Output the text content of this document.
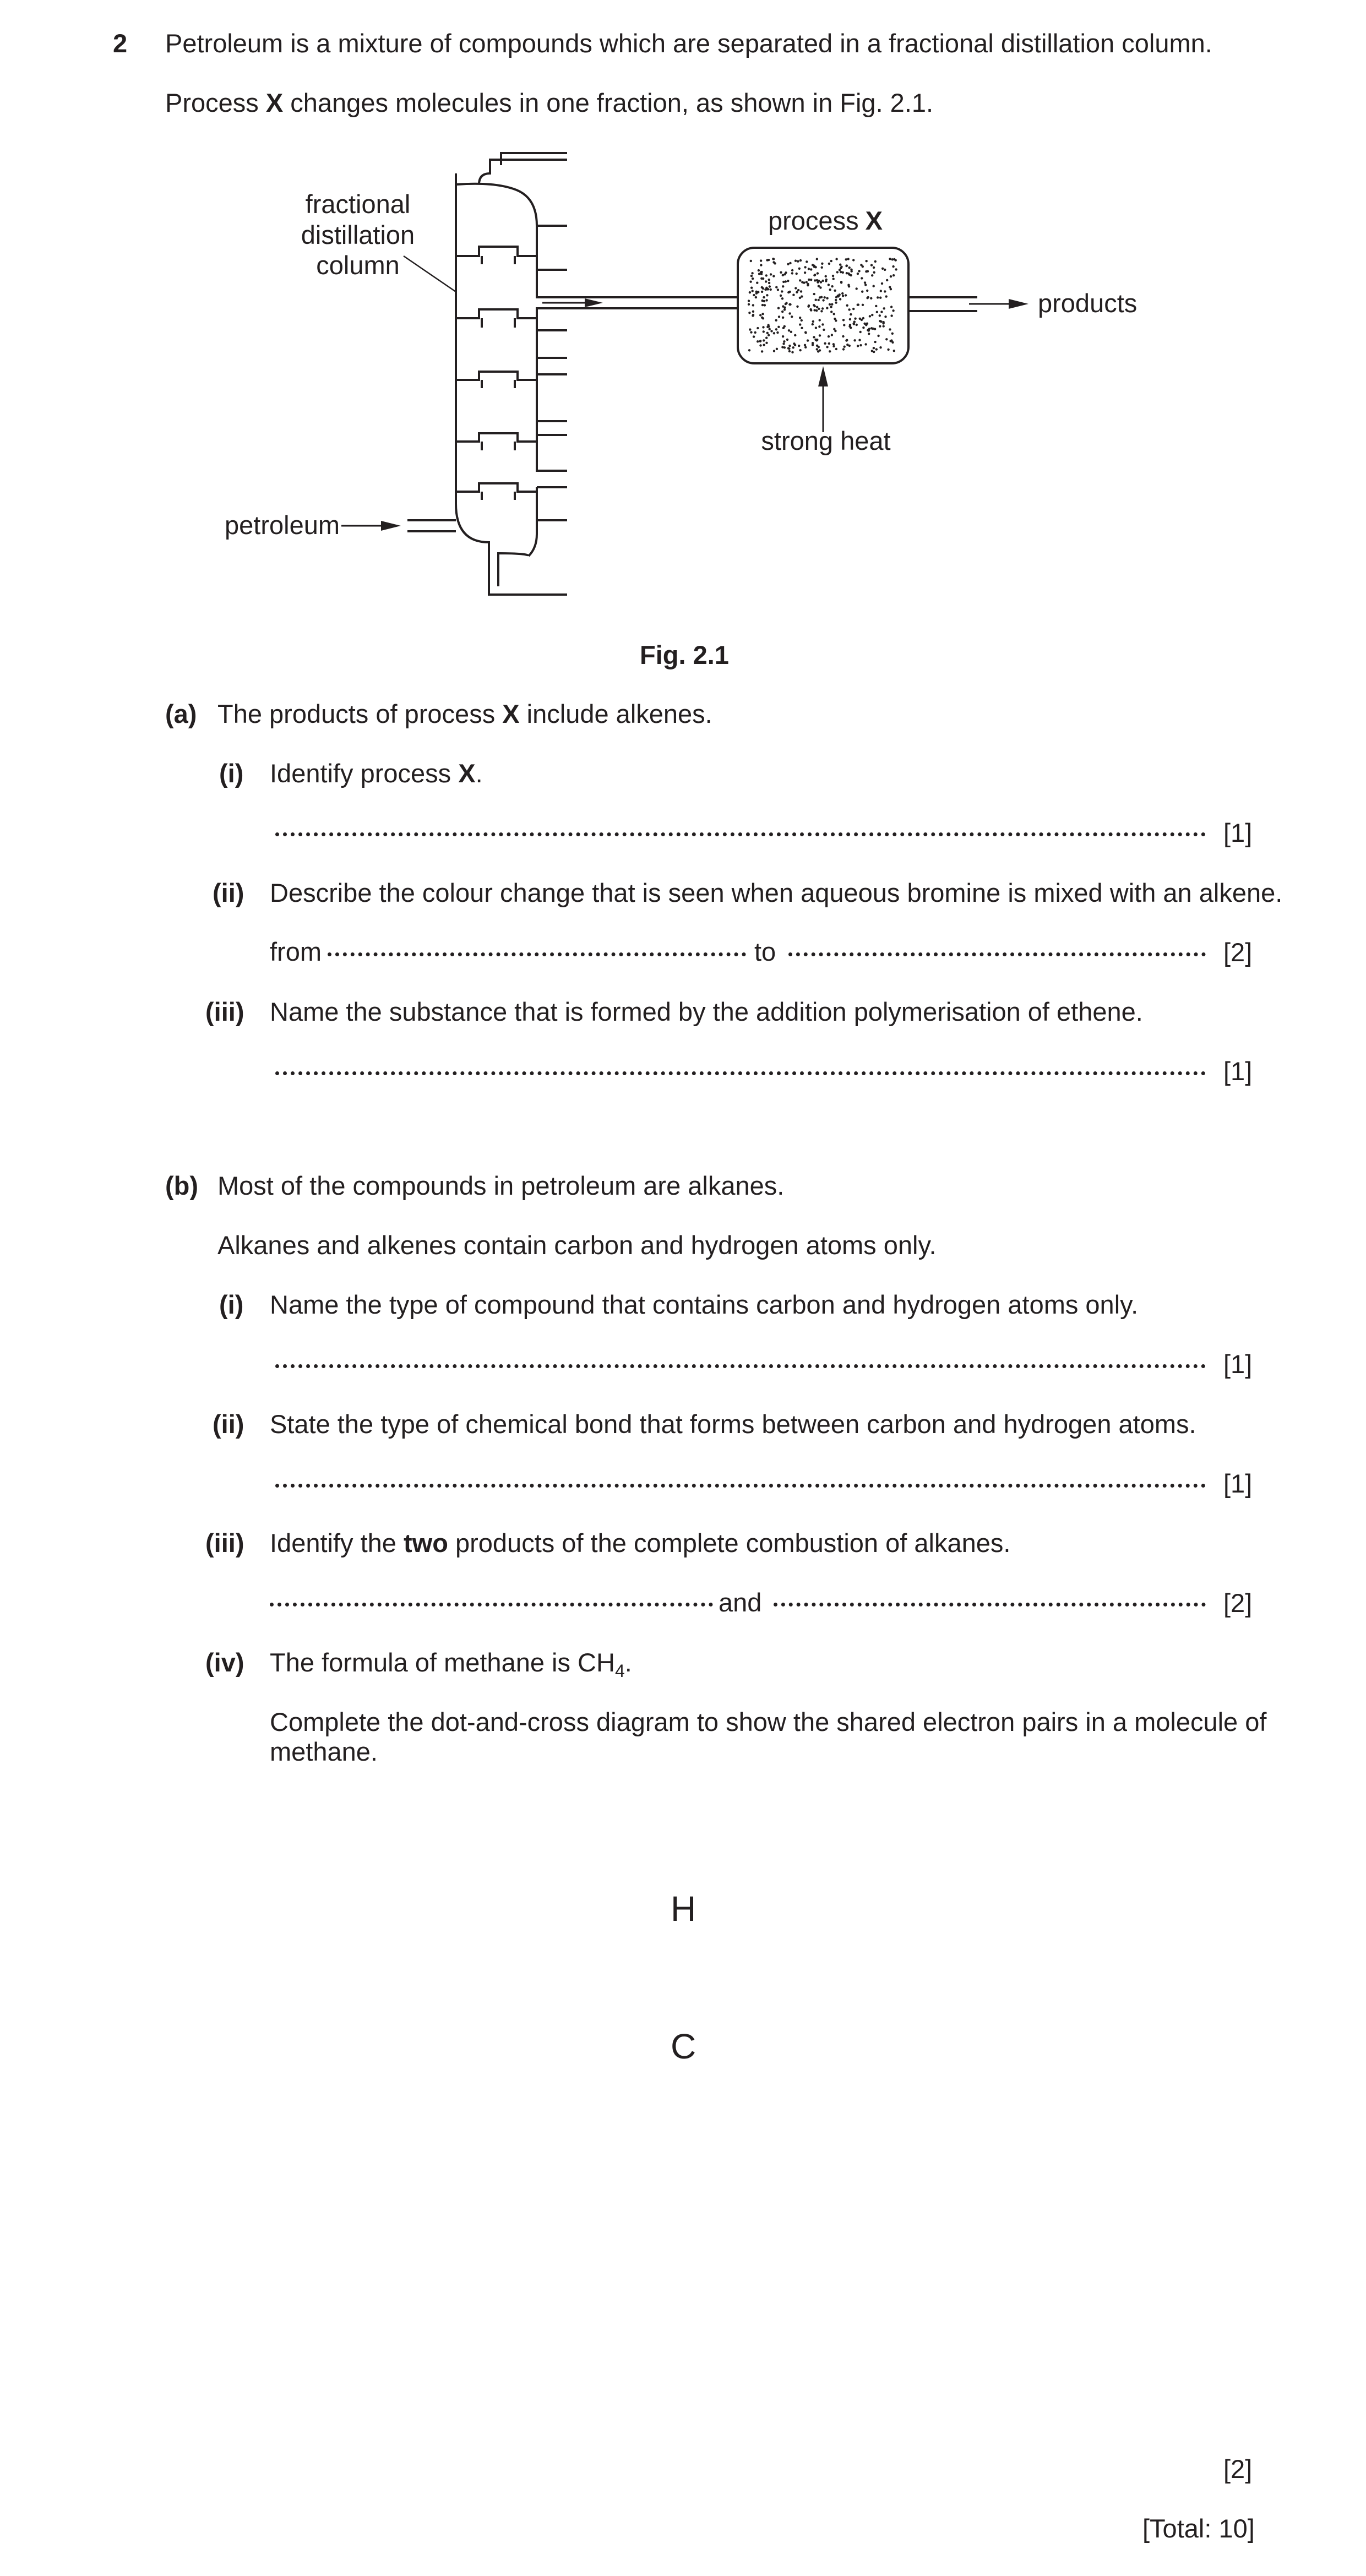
2 Petroleum is a mixture of compounds which are separated in a fractional distillation column.
Process X changes molecules in one fraction, as shown in Fig. 2.1.
fractional
distillation
column
process X
products
strong heat
petroleum
Fig. 2.1
(a) The products of process X include alkenes.
(i) Identify process X.
[1]
(ii) Describe the colour change that is seen when aqueous bromine is mixed with an alkene.
from	to	[2]
(iii) Name the substance that is formed by the addition polymerisation of ethene.
[1]
(b) Most of the compounds in petroleum are alkanes.
Alkanes and alkenes contain carbon and hydrogen atoms only.
(i) Name the type of compound that contains carbon and hydrogen atoms only.
[1]
(ii) State the type of chemical bond that forms between carbon and hydrogen atoms.
[1]
(iii) Identify the two products of the complete combustion of alkanes.
and	[2]
(iv) The formula of methane is $CH_4$.
Complete the dot-and-cross diagram to show the shared electron pairs in a molecule of
methane.
H
C
[2]
[Total: 10]
